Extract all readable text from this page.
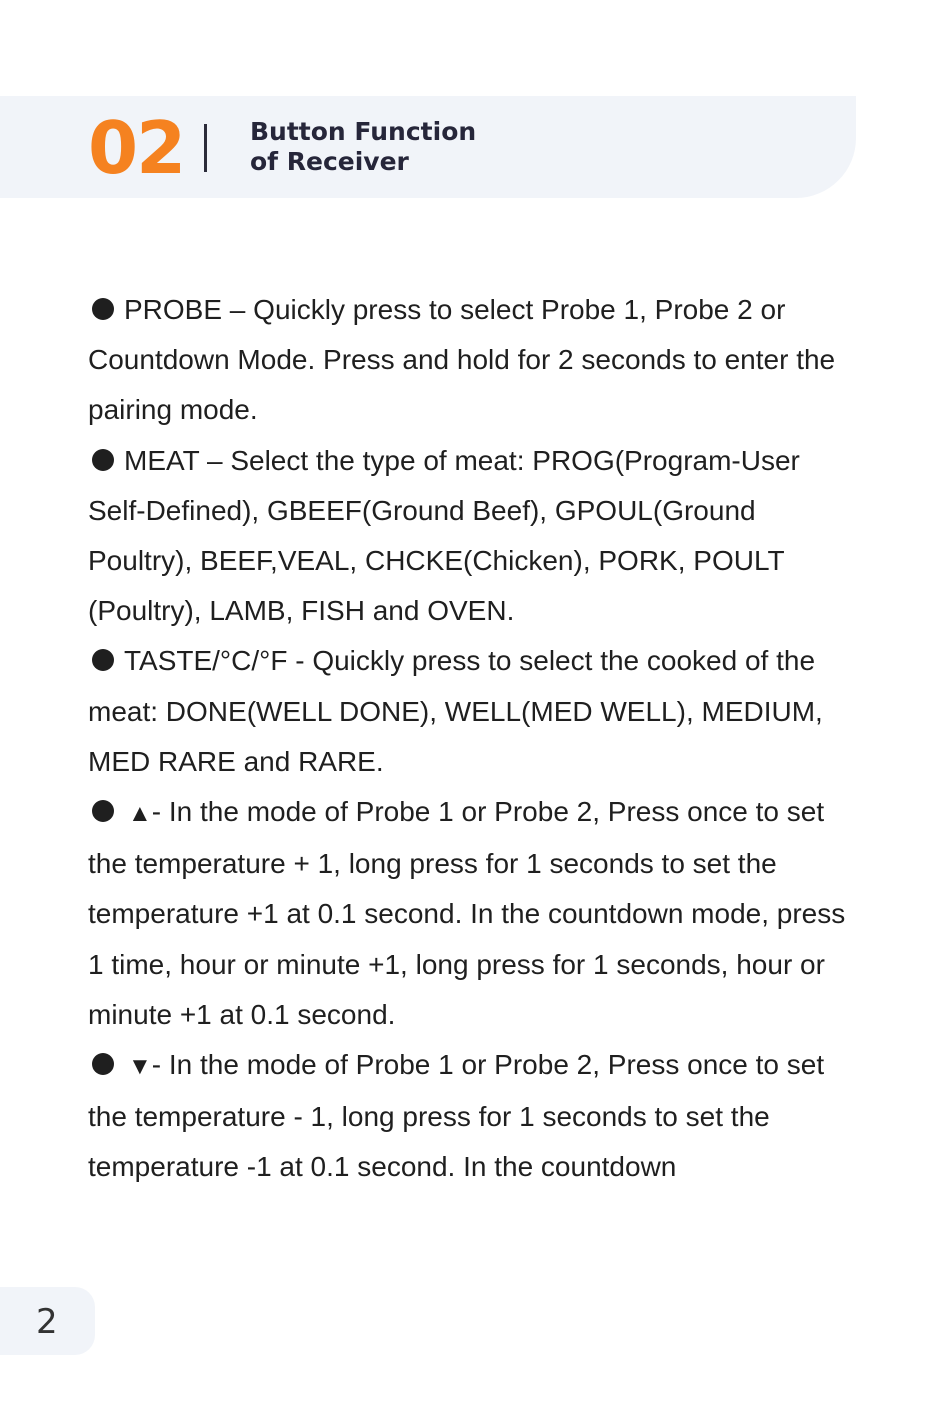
02	Button Function
of Receiver

PROBE – Quickly press to select Probe 1, Probe 2 or Countdown Mode. Press and hold for 2 seconds to enter the pairing mode.

MEAT – Select the type of meat: PROG(Program-User Self-Defined), GBEEF(Ground Beef), GPOUL(Ground Poultry), BEEF,VEAL, CHCKE(Chicken), PORK, POULT (Poultry), LAMB, FISH and OVEN.

TASTE/°C/°F - Quickly press to select the cooked of the meat: DONE(WELL DONE), WELL(MED WELL), MEDIUM, MED RARE and RARE.

▲- In the mode of Probe 1 or Probe 2, Press once to set the temperature + 1, long press for 1 seconds to set the temperature +1 at 0.1 second. In the countdown mode, press 1 time, hour or minute +1, long press for 1 seconds, hour or minute +1 at 0.1 second.

▼- In the mode of Probe 1 or Probe 2, Press once to set the temperature - 1, long press for 1 seconds to set the temperature -1 at 0.1 second. In the countdown

2
